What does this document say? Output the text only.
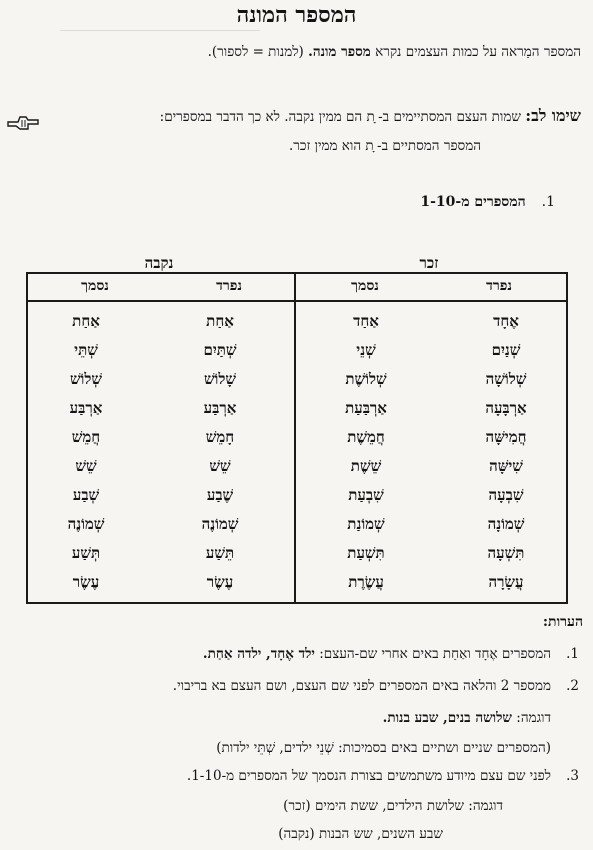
המספר המונה
המספר המַראה על כמות העצמים נקרא מספר מונה. (למנות = לספור).
שימו לב: שמות העצם המסתיימים ב- ָת הם ממין נקבה. לא כך הדבר במספרים:
המספר המסתיים ב- ָת הוא ממין זכר.
1.המספרים מ-1-10
נקבה	זכר
נפרד
נסמך
נפרד
נסמך
אֶחָד
אַחַד
אַחַת
אַחַת
שְׁנַיִם
שְׁנֵי
שְׁתַּיִם
שְׁתֵּי
שְׁלוֹשָׁה
שְׁלוֹשֶׁת
שָׁלוֹשׁ
שְׁלוֹשׁ
אַרְבָּעָה
אַרְבַּעַת
אַרְבַּע
אַרְבַּע
חֲמִישָּׁה
חֲמֵשֶׁת
חָמֵשׁ
חֲמֵשׁ
שִׁישָּׁה
שֵׁשֶׁת
שֵׁשׁ
שֵׁשׁ
שִׁבְעָה
שִׁבְעַת
שֶׁבַע
שְׁבַע
שְׁמוֹנָה
שְׁמוֹנַת
שְׁמוֹנֶה
שְׁמוֹנֶה
תִּשְׁעָה
תִּשְׁעַת
תֵּשַׁע
תְּשַׁע
עֲשָׂרָה
עֲשֶׂרֶת
עֶשֶׂר
עֶשֶׂר
הערות:
1.המספרים אֶחָד ואַחַת באים אחרי שם-העצם: ילד אֶחָד, ילדה אַחַת.
2.ממספר 2 והלאה באים המספרים לפני שם העצם, ושם העצם בא בריבוי.
דוגמה: שלושה בנים, שבע בנות.
(המספרים שניים ושתיים באים בסמיכות: שְׁנֵי ילדים, שְׁתֵּי ילדות)
3.לפני שם עצם מיודע משתמשים בצורת הנסמך של המספרים מ-1-10.
דוגמה: שלושת הילדים, ששת הימים (זכר)
שבע השנים, שש הבנות (נקבה)
